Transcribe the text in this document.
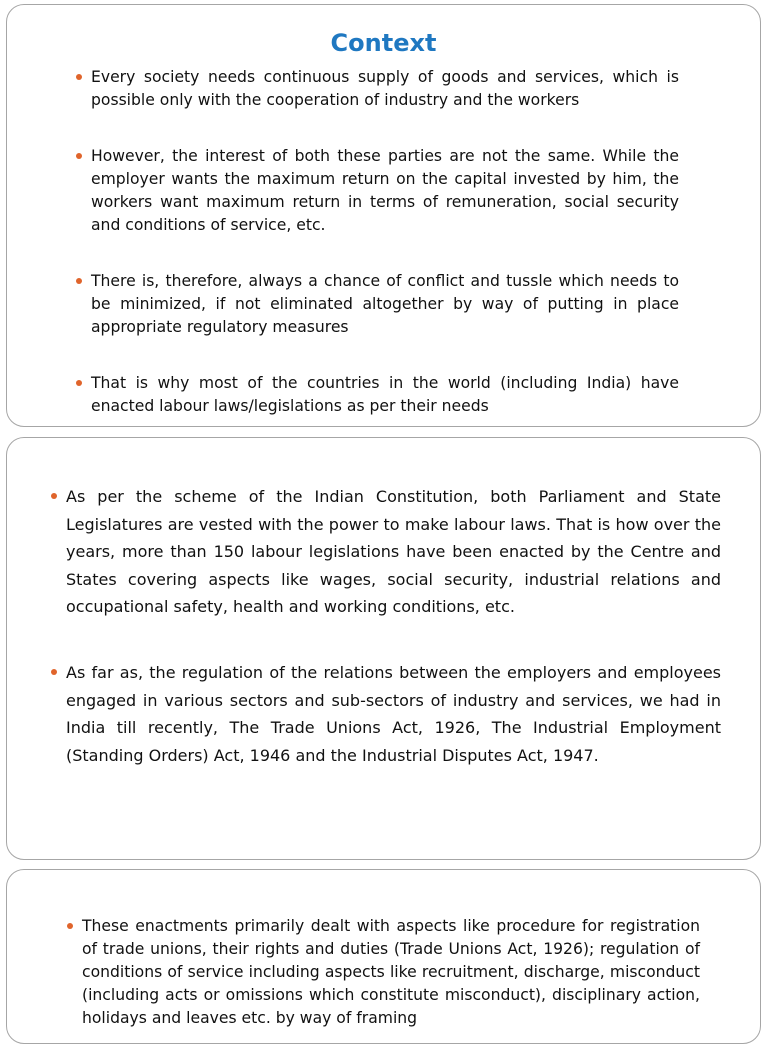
Context
Every society needs continuous supply of goods and services, which is possible only with the cooperation of industry and the workers
However, the interest of both these parties are not the same. While the employer wants the maximum return on the capital invested by him, the workers want maximum return in terms of remuneration, social security and conditions of service, etc.
There is, therefore, always a chance of conflict and tussle which needs to be minimized, if not eliminated altogether by way of putting in place appropriate regulatory measures
That is why most of the countries in the world (including India) have enacted labour laws/legislations as per their needs
As per the scheme of the Indian Constitution, both Parliament and State Legislatures are vested with the power to make labour laws. That is how over the years, more than 150 labour legislations have been enacted by the Centre and States covering aspects like wages, social security, industrial relations and occupational safety, health and working conditions, etc.
As far as, the regulation of the relations between the employers and employees engaged in various sectors and sub-sectors of industry and services, we had in India till recently, The Trade Unions Act, 1926, The Industrial Employment (Standing Orders) Act, 1946 and the Industrial Disputes Act, 1947.
These enactments primarily dealt with aspects like procedure for registration of trade unions, their rights and duties (Trade Unions Act, 1926); regulation of conditions of service including aspects like recruitment, discharge, misconduct (including acts or omissions which constitute misconduct), disciplinary action, holidays and leaves etc. by way of framing
